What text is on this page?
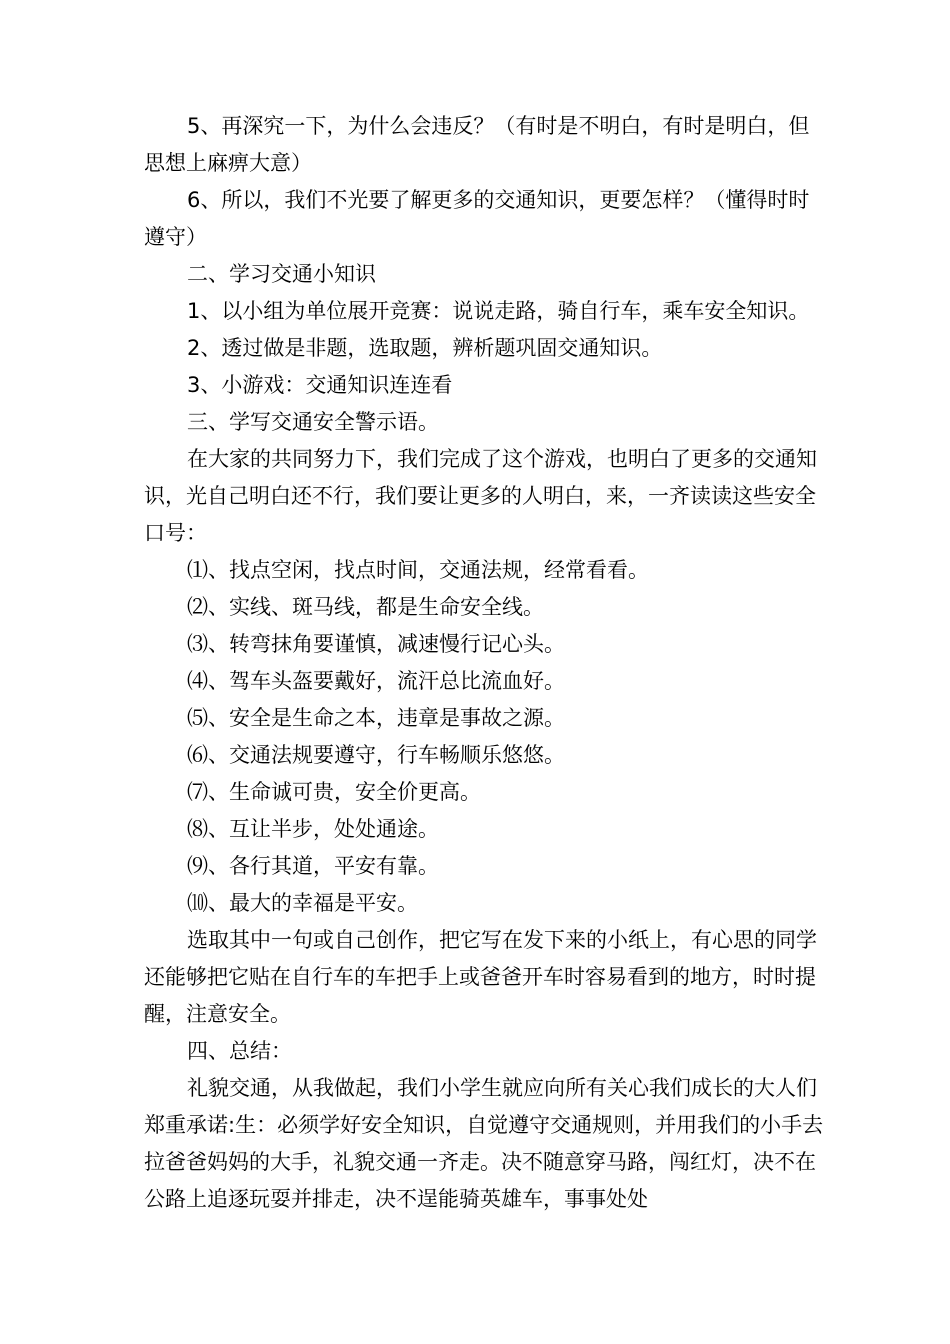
5、再深究一下，为什么会违反？（有时是不明白，有时是明白，但思想上麻痹大意）

6、所以，我们不光要了解更多的交通知识，更要怎样？（懂得时时遵守）

二、学习交通小知识

1、以小组为单位展开竞赛：说说走路，骑自行车，乘车安全知识。

2、透过做是非题，选取题，辨析题巩固交通知识。

3、小游戏：交通知识连连看

三、学写交通安全警示语。

在大家的共同努力下，我们完成了这个游戏，也明白了更多的交通知识，光自己明白还不行，我们要让更多的人明白，来，一齐读读这些安全口号：

⑴、找点空闲，找点时间，交通法规，经常看看。

⑵、实线、斑马线，都是生命安全线。

⑶、转弯抹角要谨慎，减速慢行记心头。

⑷、驾车头盔要戴好，流汗总比流血好。

⑸、安全是生命之本，违章是事故之源。

⑹、交通法规要遵守，行车畅顺乐悠悠。

⑺、生命诚可贵，安全价更高。

⑻、互让半步，处处通途。

⑼、各行其道，平安有靠。

⑽、最大的幸福是平安。

选取其中一句或自己创作，把它写在发下来的小纸上，有心思的同学还能够把它贴在自行车的车把手上或爸爸开车时容易看到的地方，时时提醒，注意安全。

四、总结：

礼貌交通，从我做起，我们小学生就应向所有关心我们成长的大人们郑重承诺:生：必须学好安全知识，自觉遵守交通规则，并用我们的小手去拉爸爸妈妈的大手，礼貌交通一齐走。决不随意穿马路，闯红灯，决不在公路上追逐玩耍并排走，决不逞能骑英雄车，事事处处
